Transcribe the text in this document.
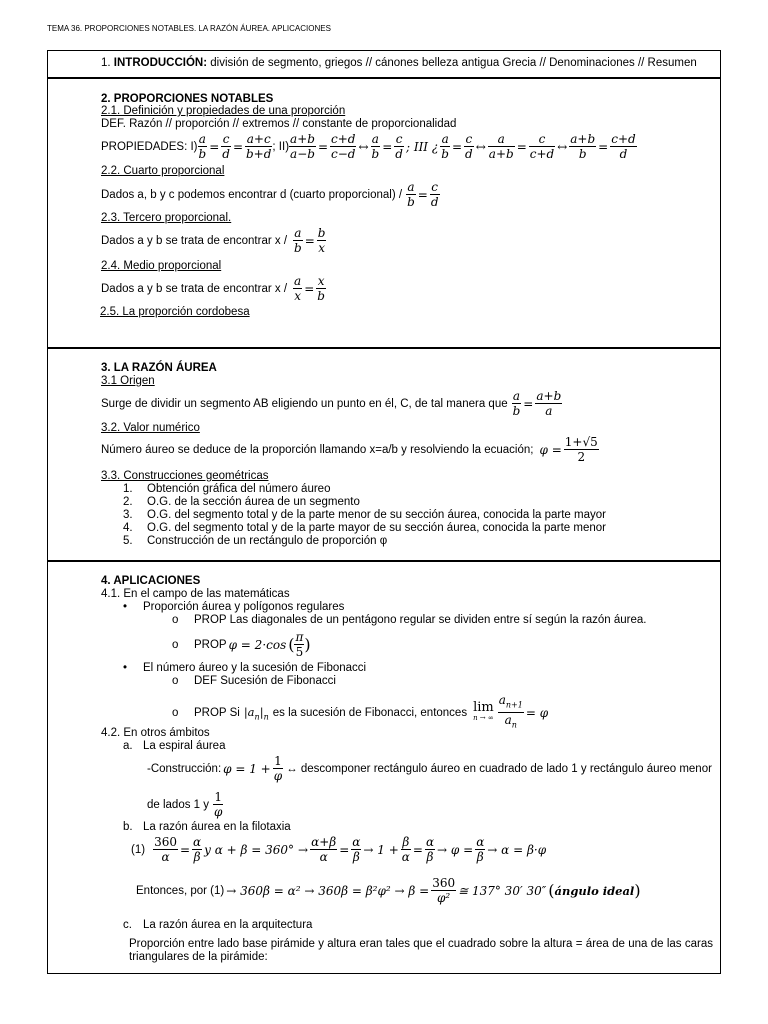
TEMA 36. PROPORCIONES NOTABLES. LA RAZÓN ÁUREA. APLICACIONES
1. INTRODUCCIÓN: división de segmento, griegos // cánones belleza antigua Grecia // Denominaciones // Resumen
2. PROPORCIONES NOTABLES
2.1. Definición y propiedades de una proporción
DEF. Razón // proporción // extremos // constante de proporcionalidad
PROPIEDADES: $I) \frac{a}{b} = \frac{c}{d} = \frac{a+c}{b+d}$ ; $II) \frac{a+b}{a-b} = \frac{c+d}{c-d}$ ↔ $\frac{a}{b} = \frac{c}{d}$ ; III ¿ $\frac{a}{b} = \frac{c}{d}$ ↔ $\frac{a}{a+b} = \frac{c}{c+d}$ ↔ $\frac{a+b}{b} = \frac{c+d}{d}$
2.2. Cuarto proporcional
Dados a, b y c podemos encontrar d (cuarto proporcional) / $\frac{a}{b} = \frac{c}{d}$
2.3. Tercero proporcional.
Dados a y b se trata de encontrar $x / \frac{a}{b} = \frac{b}{x}$
2.4. Medio proporcional
Dados a y b se trata de encontrar $x / \frac{a}{x} = \frac{x}{b}$
2.5. La proporción cordobesa
3. LA RAZÓN ÁUREA
3.1 Origen
Surge de dividir un segmento AB eligiendo un punto en él, C, de tal manera que $\frac{a}{b} = \frac{a+b}{a}$
3.2. Valor numérico
Número áureo se deduce de la proporción llamando x=a/b y resolviendo la ecuación; $\varphi = \frac{1+√5}{2}$
3.3. Construcciones geométricas
1. Obtención gráfica del número áureo
2. O.G. de la sección áurea de un segmento
3. O.G. del segmento total y de la parte menor de su sección áurea, conocida la parte mayor
4. O.G. del segmento total y de la parte mayor de su sección áurea, conocida la parte menor
5. Construcción de un rectángulo de proporción φ
4. APLICACIONES
4.1. En el campo de las matemáticas
• Proporción áurea y polígonos regulares
o PROP Las diagonales de un pentágono regular se dividen entre sí según la razón áurea.
o	PROP φ = 2·cos ( $\frac{\pi}{5}$ )
• El número áureo y la sucesión de Fibonacci
o DEF Sucesión de Fibonacci
o	PROP Si $|a_n|_n$ es la sucesión de Fibonacci, entonces lim
n → ∞ $\frac{a_{n+1}}{a_n} = \varphi$
4.2. En otros ámbitos
a. La espiral áurea
-Construcción: $\varphi = 1 + \frac{1}{\varphi}$ ↔ descomponer rectángulo áureo en cuadrado de lado 1 y rectángulo áureo menor
de lados 1 y $\frac{1}{\varphi}$
b. La razón áurea en la filotaxia
$(1) \frac{360}{\alpha} = \frac{\alpha}{\beta}$ y $\alpha + \beta = 360^\circ \to \frac{\alpha+\beta}{\alpha} = \frac{\alpha}{\beta} \to 1 + \frac{\beta}{\alpha} = \frac{\alpha}{\beta} \to \varphi = \frac{\alpha}{\beta} \to \alpha = \beta\cdot\varphi$
Entonces, por $(1) \to 360\beta = \alpha^2 \to 360\beta = \beta^2\varphi^2 \to \beta = \frac{360}{\text{φ²}}$ ≅ 137° 30′ 30″ ( ángulo ideal )
c. La razón áurea en la arquitectura
Proporción entre lado base pirámide y altura eran tales que el cuadrado sobre la altura = área de una de las caras triangulares de la pirámide:
